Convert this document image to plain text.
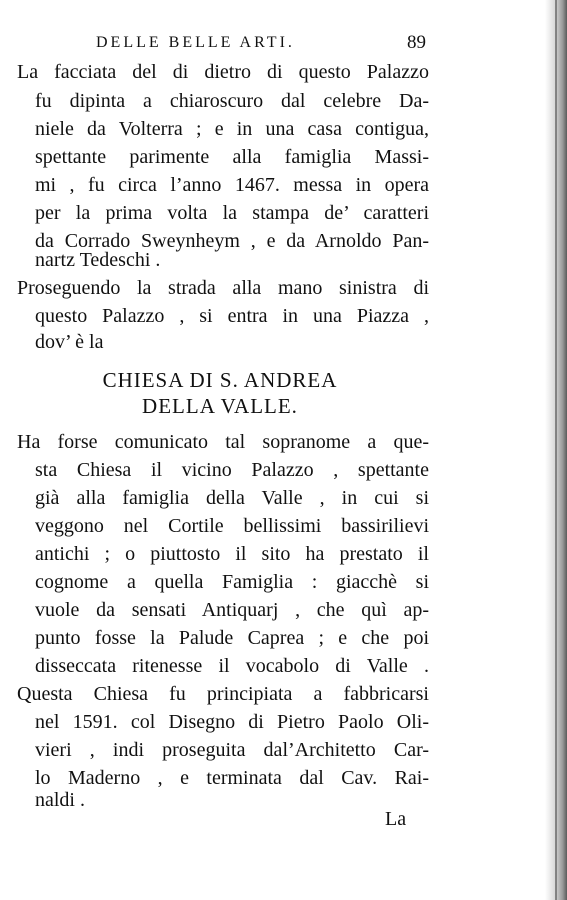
DELLE BELLE ARTI.	89
La facciata del di dietro di questo Palazzo
fu dipinta a chiaroscuro dal celebre Da-
niele da Volterra ; e in una casa contigua,
spettante parimente alla famiglia Massi-
mi , fu circa l’anno 1467. messa in opera
per la prima volta la stampa de’ caratteri
da Corrado Sweynheym , e da Arnoldo Pan-
nartz Tedeschi .
Proseguendo la strada alla mano sinistra di
questo Palazzo , si entra in una Piazza ,
dov’ è la
CHIESA DI S. ANDREA
DELLA VALLE.
Ha forse comunicato tal sopranome a que-
sta Chiesa il vicino Palazzo , spettante
già alla famiglia della Valle , in cui si
veggono nel Cortile bellissimi bassirilievi
antichi ; o piuttosto il sito ha prestato il
cognome a quella Famiglia : giacchè si
vuole da sensati Antiquarj , che quì ap-
punto fosse la Palude Caprea ; e che poi
disseccata ritenesse il vocabolo di Valle .
Questa Chiesa fu principiata a fabbricarsi
nel 1591. col Disegno di Pietro Paolo Oli-
vieri , indi proseguita dal’Architetto Car-
lo Maderno , e terminata dal Cav. Rai-
naldi .
La
